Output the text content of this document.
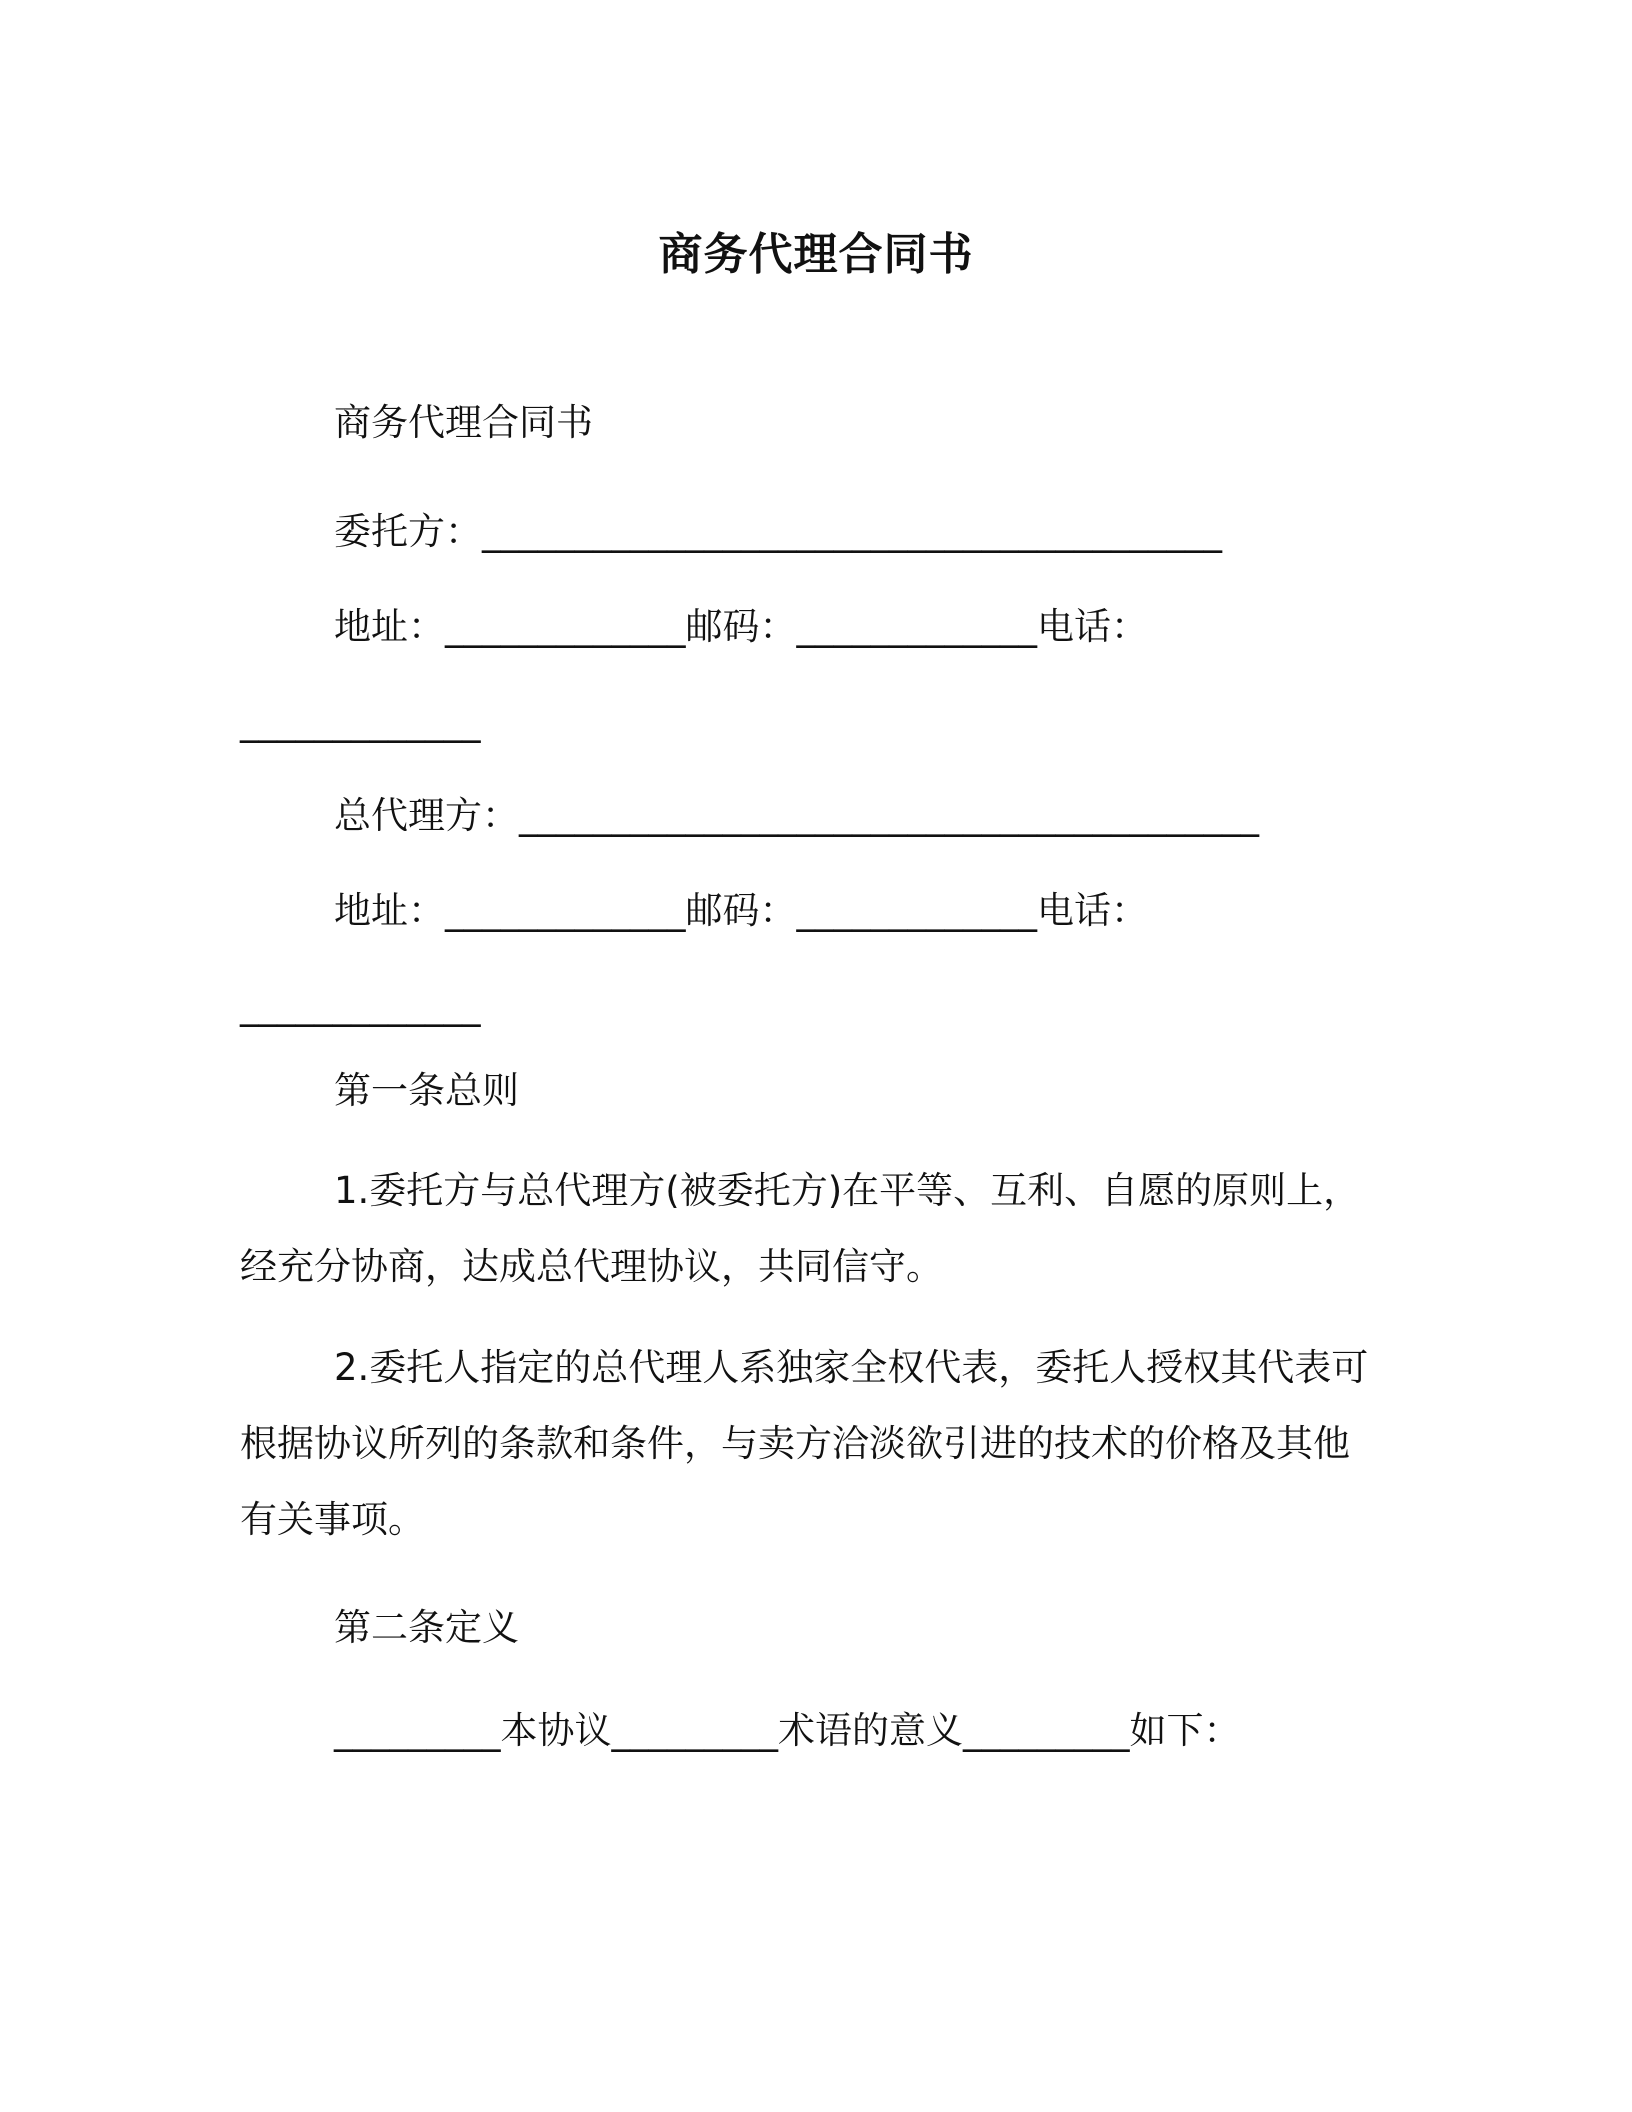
商务代理合同书
商务代理合同书
委托方：________________________________________
地址：_____________邮码：_____________电话：
_____________
总代理方：________________________________________
地址：_____________邮码：_____________电话：
_____________
第一条总则
1.委托方与总代理方(被委托方)在平等、互利、自愿的原则上，
经充分协商，达成总代理协议，共同信守。
2.委托人指定的总代理人系独家全权代表，委托人授权其代表可
根据协议所列的条款和条件，与卖方洽淡欲引进的技术的价格及其他
有关事项。
第二条定义
_________本协议_________术语的意义_________如下：
